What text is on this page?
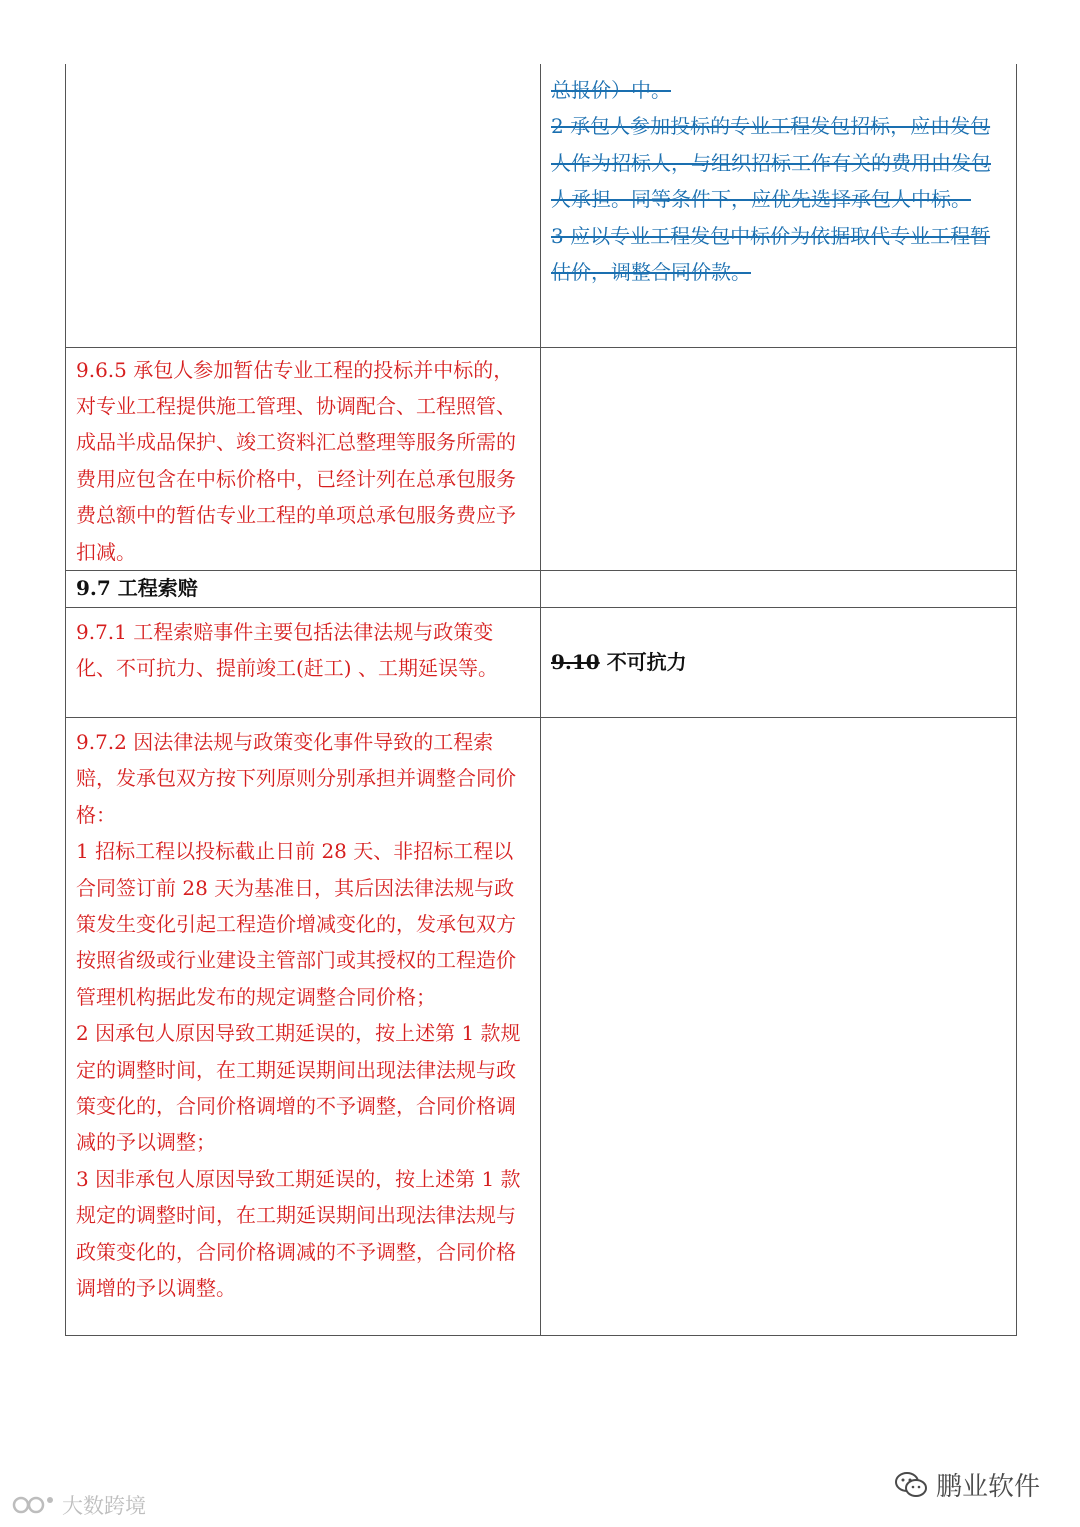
	总报价）中。

2 承包人参加投标的专业工程发包招标，应由发包人作为招标人，与组织招标工作有关的费用由发包人承担。同等条件下，应优先选择承包人中标。

3 应以专业工程发包中标价为依据取代专业工程暂估价，调整合同价款。

9.6.5 承包人参加暂估专业工程的投标并中标的，对专业工程提供施工管理、协调配合、工程照管、成品半成品保护、竣工资料汇总整理等服务所需的费用应包含在中标价格中，已经计列在总承包服务费总额中的暂估专业工程的单项总承包服务费应予扣减。	

9.7 工程索赔	

9.7.1 工程索赔事件主要包括法律法规与政策变化、不可抗力、提前竣工(赶工) 、工期延误等。	9.10 不可抗力

9.7.2 因法律法规与政策变化事件导致的工程索赔，发承包双方按下列原则分别承担并调整合同价格：

1 招标工程以投标截止日前 28 天、非招标工程以合同签订前 28 天为基准日，其后因法律法规与政策发生变化引起工程造价增减变化的，发承包双方按照省级或行业建设主管部门或其授权的工程造价管理机构据此发布的规定调整合同价格；

2 因承包人原因导致工期延误的，按上述第 1 款规定的调整时间，在工期延误期间出现法律法规与政策变化的，合同价格调增的不予调整，合同价格调减的予以调整；

3 因非承包人原因导致工期延误的，按上述第 1 款规定的调整时间，在工期延误期间出现法律法规与政策变化的，合同价格调减的不予调整，合同价格调增的予以调整。	

大数跨境
鹏业软件
